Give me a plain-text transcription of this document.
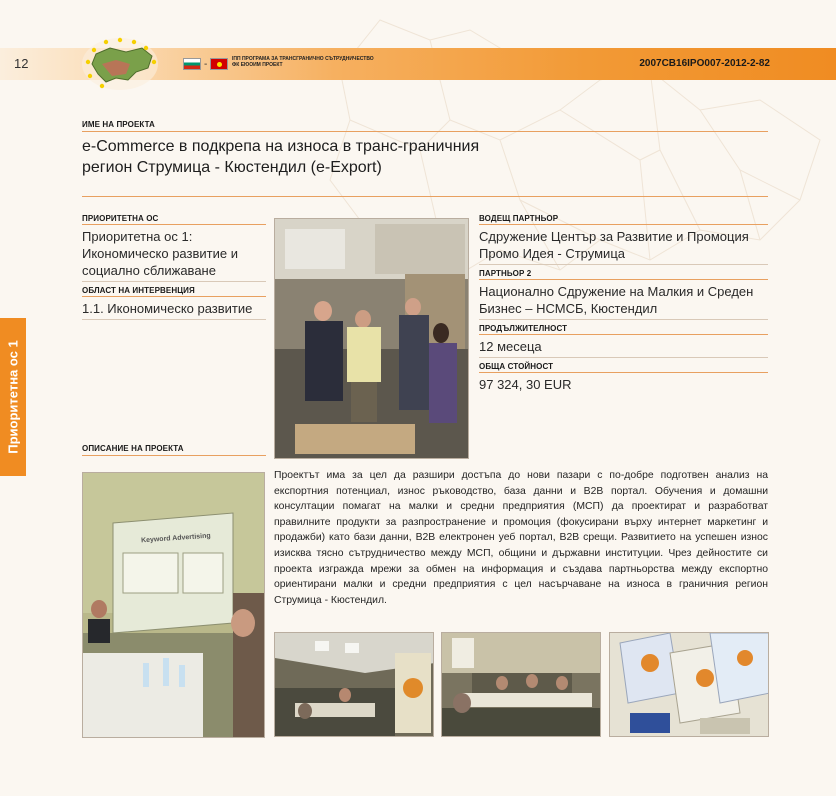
12	-	ІПП ПРОГРАМА ЗА ТРАНСГРАНИЧНО СЪТРУДНИЧЕСТВО ФК ЕЮОИМ ПРОЕКТ	2007CB16IPO007-2012-2-82
Приоритетна ос 1
ИМЕ НА ПРОЕКТА
e-Commerce в подкрепа на износа в транс-граничния
регион Струмица - Кюстендил (e-Export)
ПРИОРИТЕТНА ОС
Приоритетна ос 1: Икономическо развитие и социално сближаване
ОБЛАСТ НА ИНТЕРВЕНЦИЯ
1.1. Икономическо развитие
ВОДЕЩ ПАРТНЬОР
Сдружение Център за Развитие и Промоция Промо Идея - Струмица
ПАРТНЬОР 2
Национално Сдружение на Малкия и Среден Бизнес – НСМСБ, Кюстендил
ПРОДЪЛЖИТЕЛНОСТ
12 месеца
ОБЩА СТОЙНОСТ
97 324, 30 EUR
ОПИСАНИЕ НА ПРОЕКТА
Keyword Advertising
Проектът има за цел да разшири достъпа до нови пазари с по-добре подготвен анализ на експортния потенциал, износ ръководство, база данни и B2B портал. Обучения и домашни консултации помагат на малки и средни предприятия (МСП) да проектират и разработват правилните продукти за разпространение и промоция (фокусирани върху интернет маркетинг и продажби) като бази данни, B2B електронен уеб портал, B2B срещи. Развитието на успешен износ изисква тясно сътрудничество между МСП, общини и държавни институции. Чрез дейностите си проекта изгражда мрежи за обмен на информация и създава партньорства между експортно ориентирани малки и средни предприятия с цел насърчаване на износа в граничния регион Струмица - Кюстендил.
